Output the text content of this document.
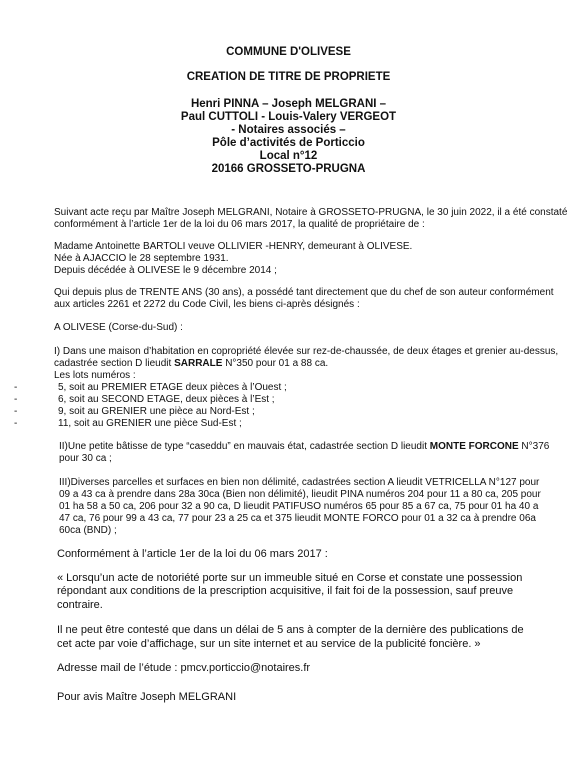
COMMUNE D'OLIVESE
CREATION DE TITRE DE PROPRIETE
Henri PINNA – Joseph MELGRANI –
Paul CUTTOLI - Louis-Valery VERGEOT
- Notaires associés –
Pôle d’activités de Porticcio
Local n°12
20166 GROSSETO-PRUGNA
Suivant acte reçu par Maître Joseph MELGRANI, Notaire à GROSSETO-PRUGNA, le 30 juin 2022, il a été constaté
conformément à l’article 1er de la loi du 06 mars 2017, la qualité de propriétaire de :
Madame Antoinette BARTOLI veuve OLLIVIER -HENRY, demeurant à OLIVESE.
Née à AJACCIO le 28 septembre 1931.
Depuis décédée à OLIVESE le 9 décembre 2014 ;
Qui depuis plus de TRENTE ANS (30 ans), a possédé tant directement que du chef de son auteur conformément
aux articles 2261 et 2272 du Code Civil, les biens ci-après désignés :
A OLIVESE (Corse-du-Sud) :
I) Dans une maison d’habitation en copropriété élevée sur rez-de-chaussée, de deux étages et grenier au-dessus,
cadastrée section D lieudit SARRALE N°350 pour 01 a 88 ca.
Les lots numéros :
-	5, soit au PREMIER ETAGE deux pièces à l’Ouest ;
-	6, soit au SECOND ETAGE, deux pièces à l’Est ;
-	9, soit au GRENIER une pièce au Nord-Est ;
-	11, soit au GRENIER une pièce Sud-Est ;
II)Une petite bâtisse de type “caseddu” en mauvais état, cadastrée section D lieudit MONTE FORCONE N°376
pour 30 ca ;
III)Diverses parcelles et surfaces en bien non délimité, cadastrées section A lieudit VETRICELLA N°127 pour
09 a 43 ca à prendre dans 28a 30ca (Bien non délimité), lieudit PINA numéros 204 pour 11 a 80 ca, 205 pour
01 ha 58 a 50 ca, 206 pour 32 a 90 ca, D lieudit PATIFUSO numéros 65 pour 85 a 67 ca, 75 pour 01 ha 40 a
47 ca, 76 pour 99 a 43 ca, 77 pour 23 a 25 ca et 375 lieudit MONTE FORCO pour 01 a 32 ca à prendre 06a
60ca (BND) ;
Conformément à l’article 1er de la loi du 06 mars 2017 :
« Lorsqu’un acte de notoriété porte sur un immeuble situé en Corse et constate une possession
répondant aux conditions de la prescription acquisitive, il fait foi de la possession, sauf preuve
contraire.
Il ne peut être contesté que dans un délai de 5 ans à compter de la dernière des publications de
cet acte par voie d’affichage, sur un site internet et au service de la publicité foncière. »
Adresse mail de l’étude : pmcv.porticcio@notaires.fr
Pour avis Maître Joseph MELGRANI
